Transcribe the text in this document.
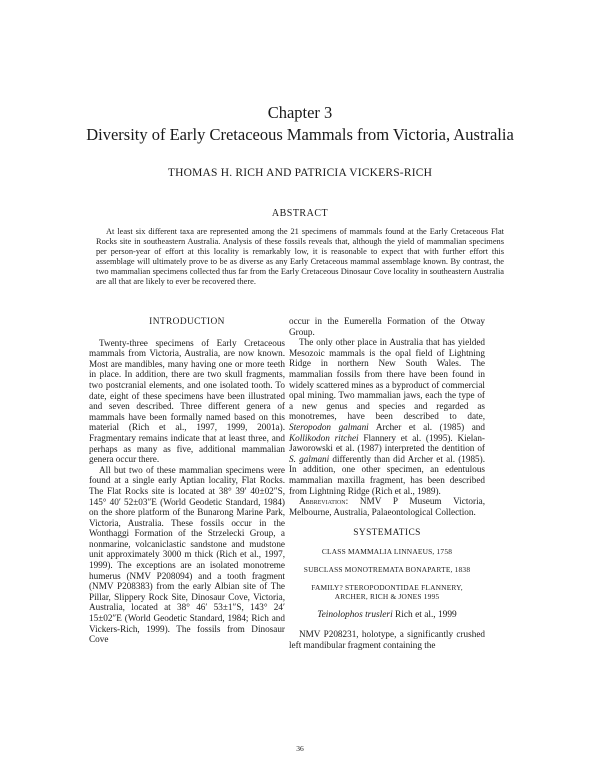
Chapter 3
Diversity of Early Cretaceous Mammals from Victoria, Australia
THOMAS H. RICH AND PATRICIA VICKERS-RICH
ABSTRACT
At least six different taxa are represented among the 21 specimens of mammals found at the Early Cretaceous Flat Rocks site in southeastern Australia. Analysis of these fossils reveals that, although the yield of mammalian specimens per person-year of effort at this locality is remarkably low, it is reasonable to expect that with further effort this assemblage will ultimately prove to be as diverse as any Early Cretaceous mammal assemblage known. By contrast, the two mammalian specimens collected thus far from the Early Cretaceous Dinosaur Cove locality in southeastern Australia are all that are likely to ever be recovered there.
INTRODUCTION

Twenty-three specimens of Early Cretaceous mammals from Victoria, Australia, are now known. Most are mandibles, many having one or more teeth in place. In addition, there are two skull fragments, two postcranial elements, and one isolated tooth. To date, eight of these specimens have been illustrated and seven described. Three different genera of mammals have been formally named based on this material (Rich et al., 1997, 1999, 2001a). Fragmentary remains indicate that at least three, and perhaps as many as five, additional mammalian genera occur there.

All but two of these mammalian specimens were found at a single early Aptian locality, Flat Rocks. The Flat Rocks site is located at 38° 39′ 40±02″S, 145° 40′ 52±03″E (World Geodetic Standard, 1984) on the shore platform of the Bunarong Marine Park, Victoria, Australia. These fossils occur in the Wonthaggi Formation of the Strzelecki Group, a nonmarine, volcaniclastic sandstone and mudstone unit approximately 3000 m thick (Rich et al., 1997, 1999). The exceptions are an isolated monotreme humerus (NMV P208094) and a tooth fragment (NMV P208383) from the early Albian site of The Pillar, Slippery Rock Site, Dinosaur Cove, Victoria, Australia, located at 38° 46′ 53±1″S, 143° 24′ 15±02″E (World Geodetic Standard, 1984; Rich and Vickers-Rich, 1999). The fossils from Dinosaur Cove

occur in the Eumerella Formation of the Otway Group.

The only other place in Australia that has yielded Mesozoic mammals is the opal field of Lightning Ridge in northern New South Wales. The mammalian fossils from there have been found in widely scattered mines as a byproduct of commercial opal mining. Two mammalian jaws, each the type of a new genus and species and regarded as monotremes, have been described to date, Steropodon galmani Archer et al. (1985) and Kollikodon ritchei Flannery et al. (1995). Kielan-Jaworowski et al. (1987) interpreted the dentition of S. galmani differently than did Archer et al. (1985). In addition, one other specimen, an edentulous mammalian maxilla fragment, has been described from Lightning Ridge (Rich et al., 1989).

Abbreviation: NMV P Museum Victoria, Melbourne, Australia, Palaeontological Collection.

SYSTEMATICS
CLASS MAMMALIA LINNAEUS, 1758
SUBCLASS MONOTREMATA BONAPARTE, 1838
FAMILY? STEROPODONTIDAE FLANNERY,
ARCHER, RICH & JONES 1995
Teinolophos trusleri Rich et al., 1999

NMV P208231, holotype, a significantly crushed left mandibular fragment containing the

36
